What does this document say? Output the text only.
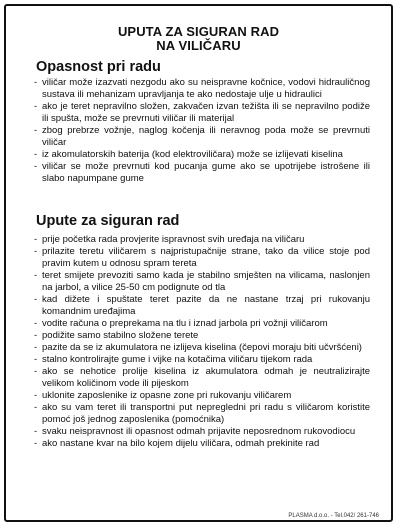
UPUTA ZA SIGURAN RAD
NA VILIČARU
Opasnost pri radu
- viličar može izazvati nezgodu ako su neispravne kočnice, vodovi hidrauličnog sustava ili mehanizam upravljanja te ako nedostaje ulje u hidraulici
- ako je teret nepravilno složen, zakvačen izvan težišta ili se nepravilno podiže ili spušta, može se prevrnuti viličar ili materijal
- zbog prebrze vožnje, naglog kočenja ili neravnog poda može se prevrnuti viličar
- iz akomulatorskih baterija (kod elektroviličara) može se izlijevati kiselina
- viličar se može prevrnuti kod pucanja gume ako se upotrijebe istrošene ili slabo napumpane gume
Upute za siguran rad
- prije početka rada provjerite ispravnost svih uređaja na viličaru
- prilazite teretu viličarem s najpristupačnije strane, tako da vilice stoje pod pravim kutem u odnosu spram tereta
- teret smijete prevoziti samo kada je stabilno smješten na vilicama, naslonjen na jarbol, a vilice 25-50 cm podignute od tla
- kad dižete i spuštate teret pazite da ne nastane trzaj pri rukovanju komandnim uređajima
- vodite računa o preprekama na tlu i iznad jarbola pri vožnji viličarom
- podižite samo stabilno složene terete
- pazite da se iz akumulatora ne izlijeva kiselina (čepovi moraju biti učvršćeni)
- stalno kontrolirajte gume i vijke na kotačima viličaru tijekom rada
- ako se nehotice prolije kiselina iz akumulatora odmah je neutralizirajte velikom količinom vode ili pijeskom
- uklonite zaposlenike iz opasne zone pri rukovanju viličarem
- ako su vam teret ili transportni put nepregledni pri radu s viličarom koristite pomoć još jednog zaposlenika (pomoćnika)
- svaku neispravnost ili opasnost odmah prijavite neposrednom rukovodiocu
- ako nastane kvar na bilo kojem dijelu viličara, odmah prekinite rad
PLASMA d.o.o. - Tel.042/ 261-746
